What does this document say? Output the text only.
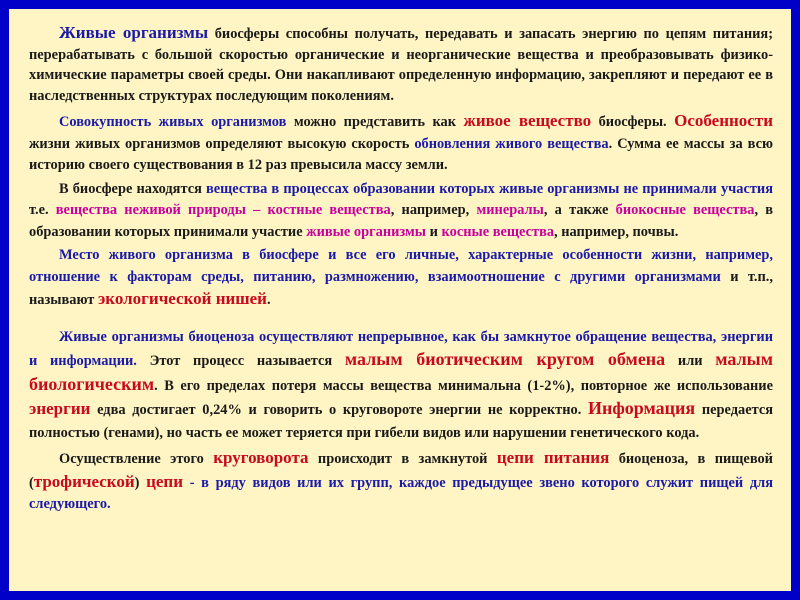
Живые организмы биосферы способны получать, передавать и запасать энергию по цепям питания; перерабатывать с большой скоростью органические и неорганические вещества и преобразовывать физико-химические параметры своей среды. Они накапливают определенную информацию, закрепляют и передают ее в наследственных структурах последующим поколениям.

Совокупность живых организмов можно представить как живое вещество биосферы. Особенности жизни живых организмов определяют высокую скорость обновления живого вещества. Сумма ее массы за всю историю своего существования в 12 раз превысила массу земли.

В биосфере находятся вещества в процессах образовании которых живые организмы не принимали участия т.е. вещества неживой природы – костные вещества, например, минералы, а также биокосные вещества, в образовании которых принимали участие живые организмы и косные вещества, например, почвы.

Место живого организма в биосфере и все его личные, характерные особенности жизни, например, отношение к факторам среды, питанию, размножению, взаимоотношение с другими организмами и т.п., называют экологической нишей.

Живые организмы биоценоза осуществляют непрерывное, как бы замкнутое обращение вещества, энергии и информации. Этот процесс называется малым биотическим кругом обмена или малым биологическим. В его пределах потеря массы вещества минимальна (1-2%), повторное же использование энергии едва достигает 0,24% и говорить о круговороте энергии не корректно. Информация передается полностью (генами), но часть ее может теряется при гибели видов или нарушении генетического кода.

Осуществление этого круговорота происходит в замкнутой цепи питания биоценоза, в пищевой (трофической) цепи - в ряду видов или их групп, каждое предыдущее звено которого служит пищей для следующего.
